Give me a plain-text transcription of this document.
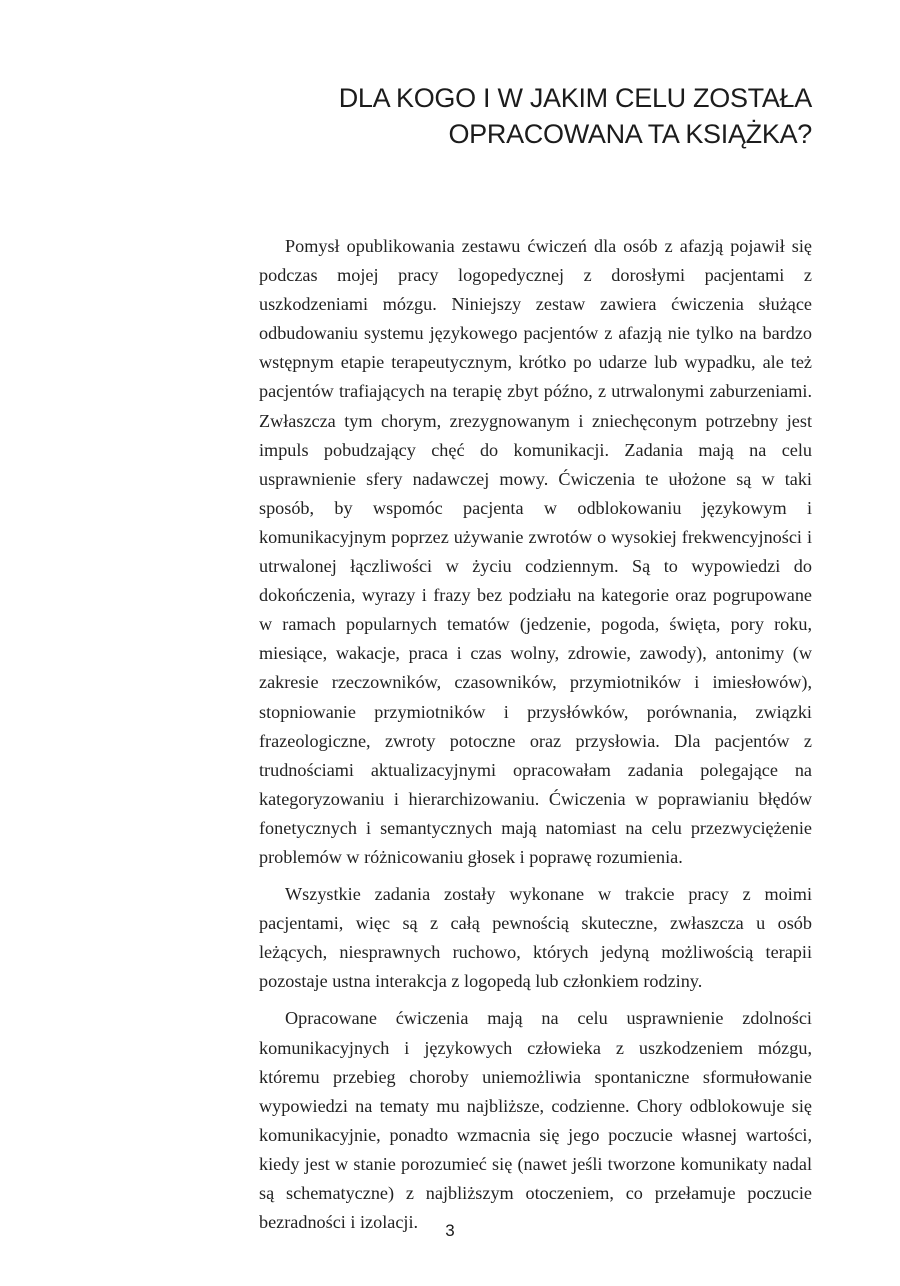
DLA KOGO I W JAKIM CELU ZOSTAŁA
OPRACOWANA TA KSIĄŻKA?

Pomysł opublikowania zestawu ćwiczeń dla osób z afazją pojawił się podczas mojej pracy logopedycznej z dorosłymi pacjentami z uszkodzeniami mózgu. Niniejszy zestaw zawiera ćwiczenia służące odbudowaniu systemu językowego pacjentów z afazją nie tylko na bardzo wstępnym etapie terapeutycznym, krótko po udarze lub wypadku, ale też pacjentów trafiających na terapię zbyt późno, z utrwalonymi zaburzeniami. Zwłaszcza tym chorym, zrezygnowanym i zniechęconym potrzebny jest impuls pobudzający chęć do komunikacji. Zadania mają na celu usprawnienie sfery nadawczej mowy. Ćwiczenia te ułożone są w taki sposób, by wspomóc pacjenta w odblokowaniu językowym i komunikacyjnym poprzez używanie zwrotów o wysokiej frekwencyjności i utrwalonej łączliwości w życiu codziennym. Są to wypowiedzi do dokończenia, wyrazy i frazy bez podziału na kategorie oraz pogrupowane w ramach popularnych tematów (jedzenie, pogoda, święta, pory roku, miesiące, wakacje, praca i czas wolny, zdrowie, zawody), antonimy (w zakresie rzeczowników, czasowników, przymiotników i imiesłowów), stopniowanie przymiotników i przysłówków, porównania, związki frazeologiczne, zwroty potoczne oraz przysłowia. Dla pacjentów z trudnościami aktualizacyjnymi opracowałam zadania polegające na kategoryzowaniu i hierarchizowaniu. Ćwiczenia w poprawianiu błędów fonetycznych i semantycznych mają natomiast na celu przezwyciężenie problemów w różnicowaniu głosek i poprawę rozumienia.

Wszystkie zadania zostały wykonane w trakcie pracy z moimi pacjentami, więc są z całą pewnością skuteczne, zwłaszcza u osób leżących, niesprawnych ruchowo, których jedyną możliwością terapii pozostaje ustna interakcja z logopedą lub członkiem rodziny.

Opracowane ćwiczenia mają na celu usprawnienie zdolności komunikacyjnych i językowych człowieka z uszkodzeniem mózgu, któremu przebieg choroby uniemożliwia spontaniczne sformułowanie wypowiedzi na tematy mu najbliższe, codzienne. Chory odblokowuje się komunikacyjnie, ponadto wzmacnia się jego poczucie własnej wartości, kiedy jest w stanie porozumieć się (nawet jeśli tworzone komunikaty nadal są schematyczne) z najbliższym otoczeniem, co przełamuje poczucie bezradności i izolacji.	3
